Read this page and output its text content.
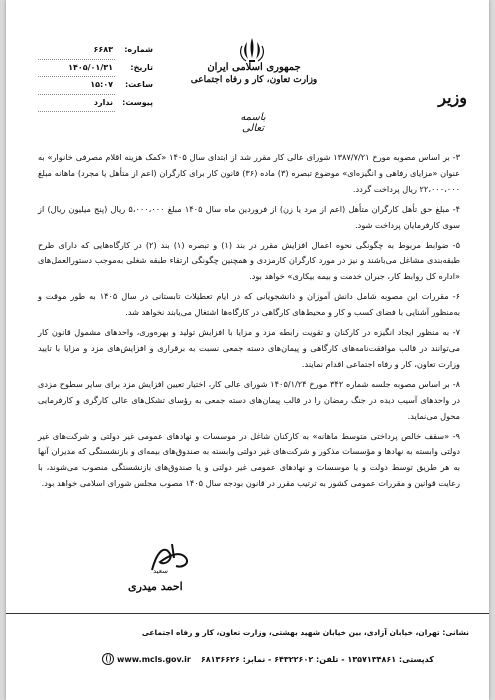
جمهوری اسلامی ایران
وزارت تعاون، کار و رفاه اجتماعی
باسمه تعالی
وزیر
شماره:
۶۶۸۳
تاریخ:
۱۴۰۵/۰۱/۳۱
ساعت:
۱۵:۰۷
پیوست:
ندارد

۳- بر اساس مصوبه مورخ ۱۳۸۷/۷/۲۱ شورای عالی کار مقرر شد از ابتدای سال ۱۴۰۵ «کمک هزینه اقلام مصرفی خانوار» به عنوان «مزایای رفاهی و انگیزه‌ای» موضوع تبصره (۳) ماده (۳۶) قانون کار برای کارگران (اعم از متأهل یا مجرد) ماهانه مبلغ ۲۲،۰۰۰،۰۰۰ ریال پرداخت گردد.

۴- مبلغ حق تأهل کارگران متأهل (اعم از مرد یا زن) از فروردین ماه سال ۱۴۰۵ مبلغ ۵،۰۰۰،۰۰۰ ریال (پنج میلیون ریال) از سوی کارفرمایان پرداخت شود.

۵- ضوابط مربوط به چگونگی نحوه اعمال افزایش مقرر در بند (۱) و تبصره (۱) بند (۲) در کارگاه‌هایی که دارای طرح طبقه‌بندی مشاغل می‌باشند و نیز در مورد کارگران کارمزدی و همچنین چگونگی ارتقاء طبقه شغلی به‌موجب دستورالعمل‌های «اداره کل روابط کار، جبران خدمت و بیمه بیکاری» خواهد بود.

۶- مقررات این مصوبه شامل دانش آموزان و دانشجویانی که در ایام تعطیلات تابستانی در سال ۱۴۰۵ به طور موقت و به‌منظور آشنایی با فضای کسب و کار و محیط‌های کارگاهی در کارگاه‌ها اشتغال می‌یابند نخواهد شد.

۷- به منظور ایجاد انگیزه در کارکنان و تقویت رابطه مزد و مزایا با افزایش تولید و بهره‌وری، واحدهای مشمول قانون کار می‌توانند در قالب موافقت‌نامه‌های کارگاهی و پیمان‌های دسته جمعی نسبت به برقراری و افزایش‌های مزد و مزایا با تایید وزارت تعاون، کار و رفاه اجتماعی اقدام نمایند.

۸- بر اساس مصوبه جلسه شماره ۳۴۲ مورخ ۱۴۰۵/۱/۲۴ شورای عالی کار، اختیار تعیین افزایش مزد برای سایر سطوح مزدی در واحدهای آسیب دیده در جنگ رمضان را در قالب پیمان‌های دسته جمعی به رؤسای تشکل‌های عالی کارگری و کارفرمایی محول می‌نماید.

۹- «سقف خالص پرداختی متوسط ماهانه» به کارکنان شاغل در موسسات و نهادهای عمومی غیر دولتی و شرکت‌های غیر دولتی وابسته به نهادها و مؤسسات مذکور و شرکت‌های غیر دولتی وابسته به صندوق‌های بیمه‌ای و بازنشستگی که مدیران آنها به هر طریق توسط دولت و یا موسسات و نهادهای عمومی غیر دولتی و یا صندوق‌های بازنشستگی منصوب می‌شوند، با رعایت قوانین و مقررات عمومی کشور به ترتیب مقرر در قانون بودجه سال ۱۴۰۵ مصوب مجلس شورای اسلامی خواهد بود.

سعید
احمد میدری
نشانی: تهران، خیابان آزادی، بین خیابان شهید بهشتی، وزارت تعاون، کار و رفاه اجتماعی
www.mcls.gov.ir کدپستی: ۱۳۵۷۱۳۴۸۶۱ - تلفن: ۶۴۳۲۲۶۰۲ - نمابر: ۶۸۱۳۶۶۲۶
